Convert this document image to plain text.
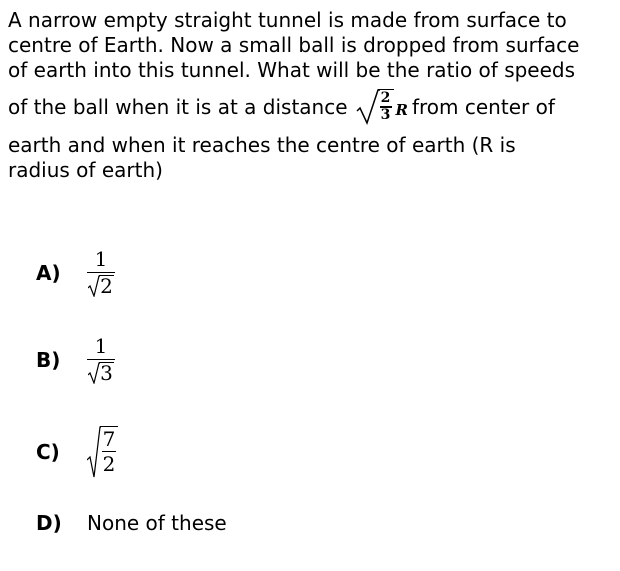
A narrow empty straight tunnel is made from surface to
centre of Earth. Now a small ball is dropped from surface
of earth into this tunnel. What will be the ratio of speeds
of the ball when it is at a distance $\frac{2}{3}$ R from center of
earth and when it reaches the centre of earth (R is
radius of earth)
A)	$\frac{1}{2}$
B)	$\frac{1}{3}$
C)
7
2
D)	None of these
